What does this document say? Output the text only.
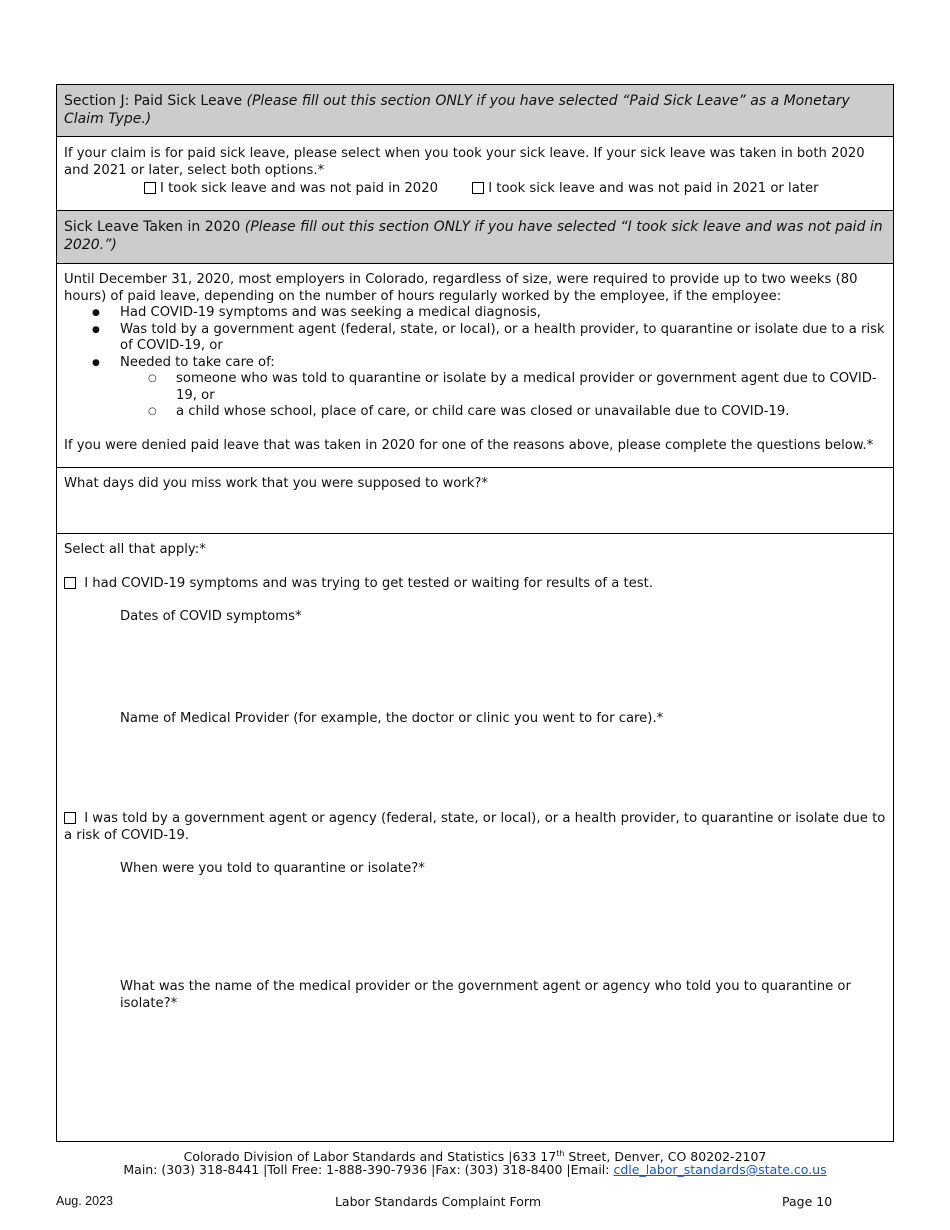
Section J: Paid Sick Leave (Please fill out this section ONLY if you have selected “Paid Sick Leave” as a Monetary Claim Type.)
If your claim is for paid sick leave, please select when you took your sick leave. If your sick leave was taken in both 2020 and 2021 or later, select both options.*
I took sick leave and was not paid in 2020	I took sick leave and was not paid in 2021 or later
Sick Leave Taken in 2020 (Please fill out this section ONLY if you have selected “I took sick leave and was not paid in 2020.”)
Until December 31, 2020, most employers in Colorado, regardless of size, were required to provide up to two weeks (80 hours) of paid leave, depending on the number of hours regularly worked by the employee, if the employee:
● Had COVID-19 symptoms and was seeking a medical diagnosis,
● Was told by a government agent (federal, state, or local), or a health provider, to quarantine or isolate due to a risk of COVID-19, or
● Needed to take care of:
○ someone who was told to quarantine or isolate by a medical provider or government agent due to COVID-19, or
○ a child whose school, place of care, or child care was closed or unavailable due to COVID-19.
If you were denied paid leave that was taken in 2020 for one of the reasons above, please complete the questions below.*
What days did you miss work that you were supposed to work?*
Select all that apply:*
I had COVID-19 symptoms and was trying to get tested or waiting for results of a test.
Dates of COVID symptoms*
Name of Medical Provider (for example, the doctor or clinic you went to for care).*
I was told by a government agent or agency (federal, state, or local), or a health provider, to quarantine or isolate due to a risk of COVID-19.
When were you told to quarantine or isolate?*
What was the name of the medical provider or the government agent or agency who told you to quarantine or isolate?*
Colorado Division of Labor Standards and Statistics |633 17th Street, Denver, CO 80202-2107
Main: (303) 318-8441 |Toll Free: 1-888-390-7936 |Fax: (303) 318-8400 |Email: cdle_labor_standards@state.co.us
Aug. 2023	Labor Standards Complaint Form	Page 10
